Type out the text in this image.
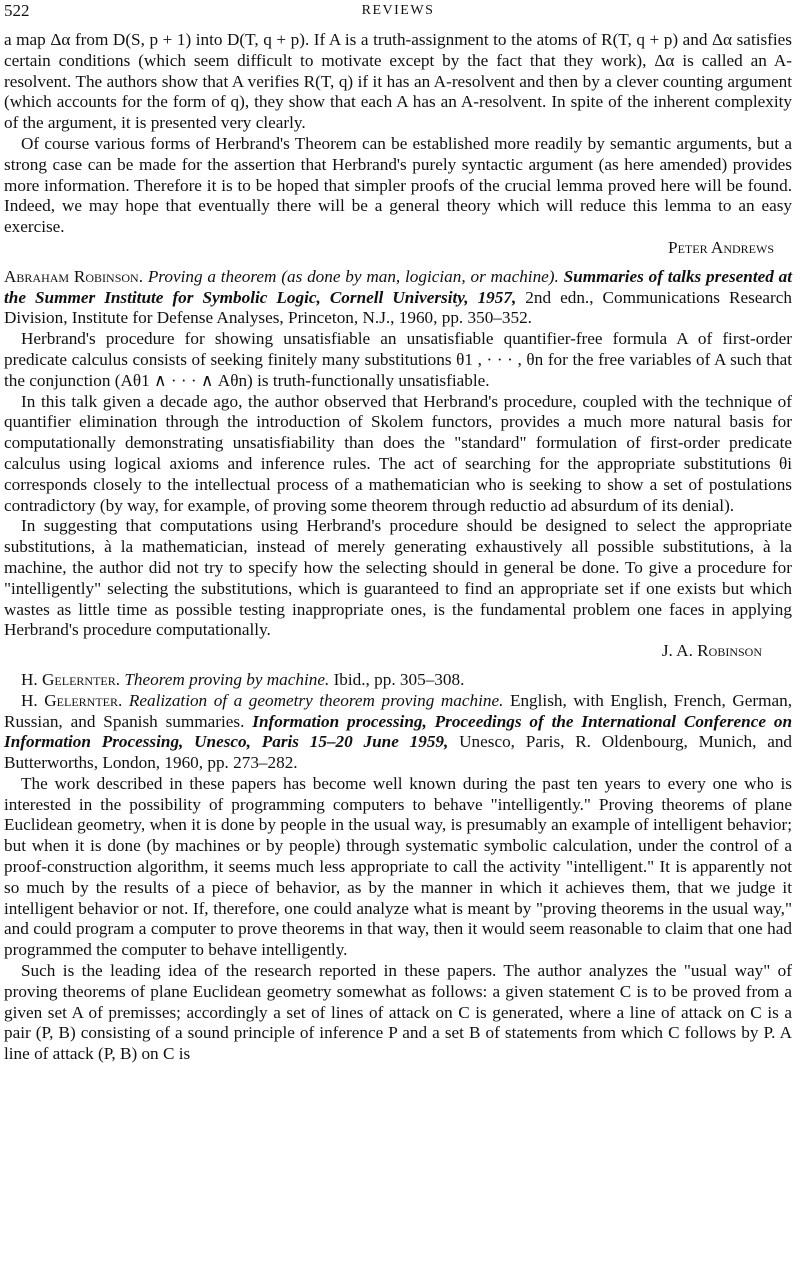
522	REVIEWS

a map Δα from D(S, p + 1) into D(T, q + p). If A is a truth-assignment to the atoms of R(T, q + p) and Δα satisfies certain conditions (which seem difficult to motivate except by the fact that they work), Δα is called an A-resolvent. The authors show that A verifies R(T, q) if it has an A-resolvent and then by a clever counting argument (which accounts for the form of q), they show that each A has an A-resolvent. In spite of the inherent complexity of the argument, it is presented very clearly.

Of course various forms of Herbrand's Theorem can be established more readily by semantic arguments, but a strong case can be made for the assertion that Herbrand's purely syntactic argument (as here amended) provides more information. Therefore it is to be hoped that simpler proofs of the crucial lemma proved here will be found. Indeed, we may hope that eventually there will be a general theory which will reduce this lemma to an easy exercise.

Peter Andrews

Abraham Robinson. Proving a theorem (as done by man, logician, or machine). Summaries of talks presented at the Summer Institute for Symbolic Logic, Cornell University, 1957, 2nd edn., Communications Research Division, Institute for Defense Analyses, Princeton, N.J., 1960, pp. 350–352.

Herbrand's procedure for showing unsatisfiable an unsatisfiable quantifier-free formula A of first-order predicate calculus consists of seeking finitely many substitutions θ1 , · · · , θn for the free variables of A such that the conjunction (Aθ1 ∧ · · · ∧ Aθn) is truth-functionally unsatisfiable.

In this talk given a decade ago, the author observed that Herbrand's procedure, coupled with the technique of quantifier elimination through the introduction of Skolem functors, provides a much more natural basis for computationally demonstrating unsatisfiability than does the "standard" formulation of first-order predicate calculus using logical axioms and inference rules. The act of searching for the appropriate substitutions θi corresponds closely to the intellectual process of a mathematician who is seeking to show a set of postulations contradictory (by way, for example, of proving some theorem through reductio ad absurdum of its denial).

In suggesting that computations using Herbrand's procedure should be designed to select the appropriate substitutions, à la mathematician, instead of merely generating exhaustively all possible substitutions, à la machine, the author did not try to specify how the selecting should in general be done. To give a procedure for "intelligently" selecting the substitutions, which is guaranteed to find an appropriate set if one exists but which wastes as little time as possible testing inappropriate ones, is the fundamental problem one faces in applying Herbrand's procedure computationally.

J. A. Robinson

H. Gelernter. Theorem proving by machine. Ibid., pp. 305–308.

H. Gelernter. Realization of a geometry theorem proving machine. English, with English, French, German, Russian, and Spanish summaries. Information processing, Proceedings of the International Conference on Information Processing, Unesco, Paris 15–20 June 1959, Unesco, Paris, R. Oldenbourg, Munich, and Butterworths, London, 1960, pp. 273–282.

The work described in these papers has become well known during the past ten years to every one who is interested in the possibility of programming computers to behave "intelligently." Proving theorems of plane Euclidean geometry, when it is done by people in the usual way, is presumably an example of intelligent behavior; but when it is done (by machines or by people) through systematic symbolic calculation, under the control of a proof-construction algorithm, it seems much less appropriate to call the activity "intelligent." It is apparently not so much by the results of a piece of behavior, as by the manner in which it achieves them, that we judge it intelligent behavior or not. If, therefore, one could analyze what is meant by "proving theorems in the usual way," and could program a computer to prove theorems in that way, then it would seem reasonable to claim that one had programmed the computer to behave intelligently.

Such is the leading idea of the research reported in these papers. The author analyzes the "usual way" of proving theorems of plane Euclidean geometry somewhat as follows: a given statement C is to be proved from a given set A of premisses; accordingly a set of lines of attack on C is generated, where a line of attack on C is a pair (P, B) consisting of a sound principle of inference P and a set B of statements from which C follows by P. A line of attack (P, B) on C is
